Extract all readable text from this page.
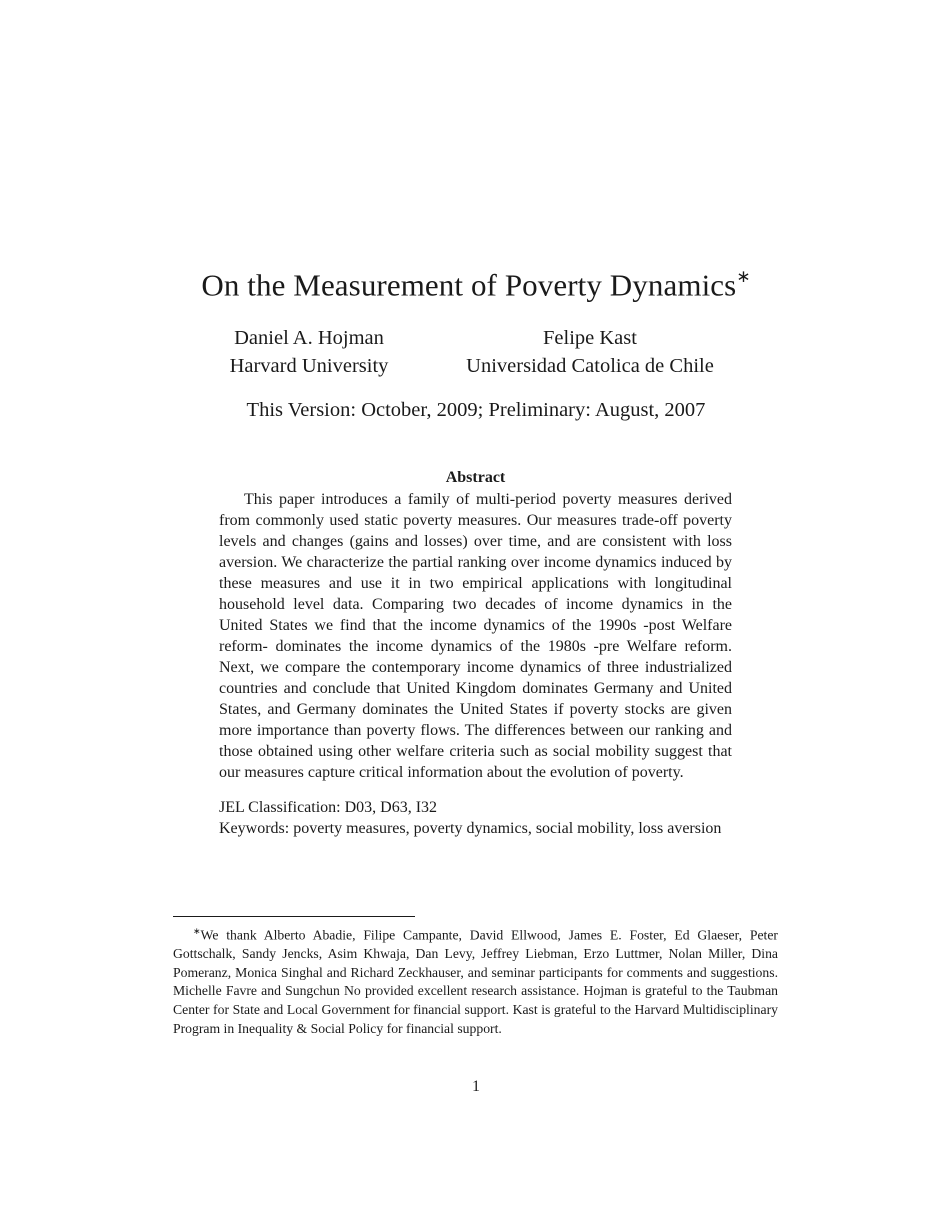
On the Measurement of Poverty Dynamics∗
Daniel A. Hojman
Harvard University
Felipe Kast
Universidad Catolica de Chile
This Version: October, 2009; Preliminary: August, 2007
Abstract

This paper introduces a family of multi-period poverty measures derived from commonly used static poverty measures. Our measures trade-off poverty levels and changes (gains and losses) over time, and are consistent with loss aversion. We characterize the partial ranking over income dynamics induced by these measures and use it in two empirical applications with longitudinal household level data. Comparing two decades of income dynamics in the United States we find that the income dynamics of the 1990s -post Welfare reform- dominates the income dynamics of the 1980s -pre Welfare reform. Next, we compare the contemporary income dynamics of three industrialized countries and conclude that United Kingdom dominates Germany and United States, and Germany dominates the United States if poverty stocks are given more importance than poverty flows. The differences between our ranking and those obtained using other welfare criteria such as social mobility suggest that our measures capture critical information about the evolution of poverty.

JEL Classification: D03, D63, I32
Keywords: poverty measures, poverty dynamics, social mobility, loss aversion
∗We thank Alberto Abadie, Filipe Campante, David Ellwood, James E. Foster, Ed Glaeser, Peter Gottschalk, Sandy Jencks, Asim Khwaja, Dan Levy, Jeffrey Liebman, Erzo Luttmer, Nolan Miller, Dina Pomeranz, Monica Singhal and Richard Zeckhauser, and seminar participants for comments and suggestions. Michelle Favre and Sungchun No provided excellent research assistance. Hojman is grateful to the Taubman Center for State and Local Government for financial support. Kast is grateful to the Harvard Multidisciplinary Program in Inequality & Social Policy for financial support.
1
